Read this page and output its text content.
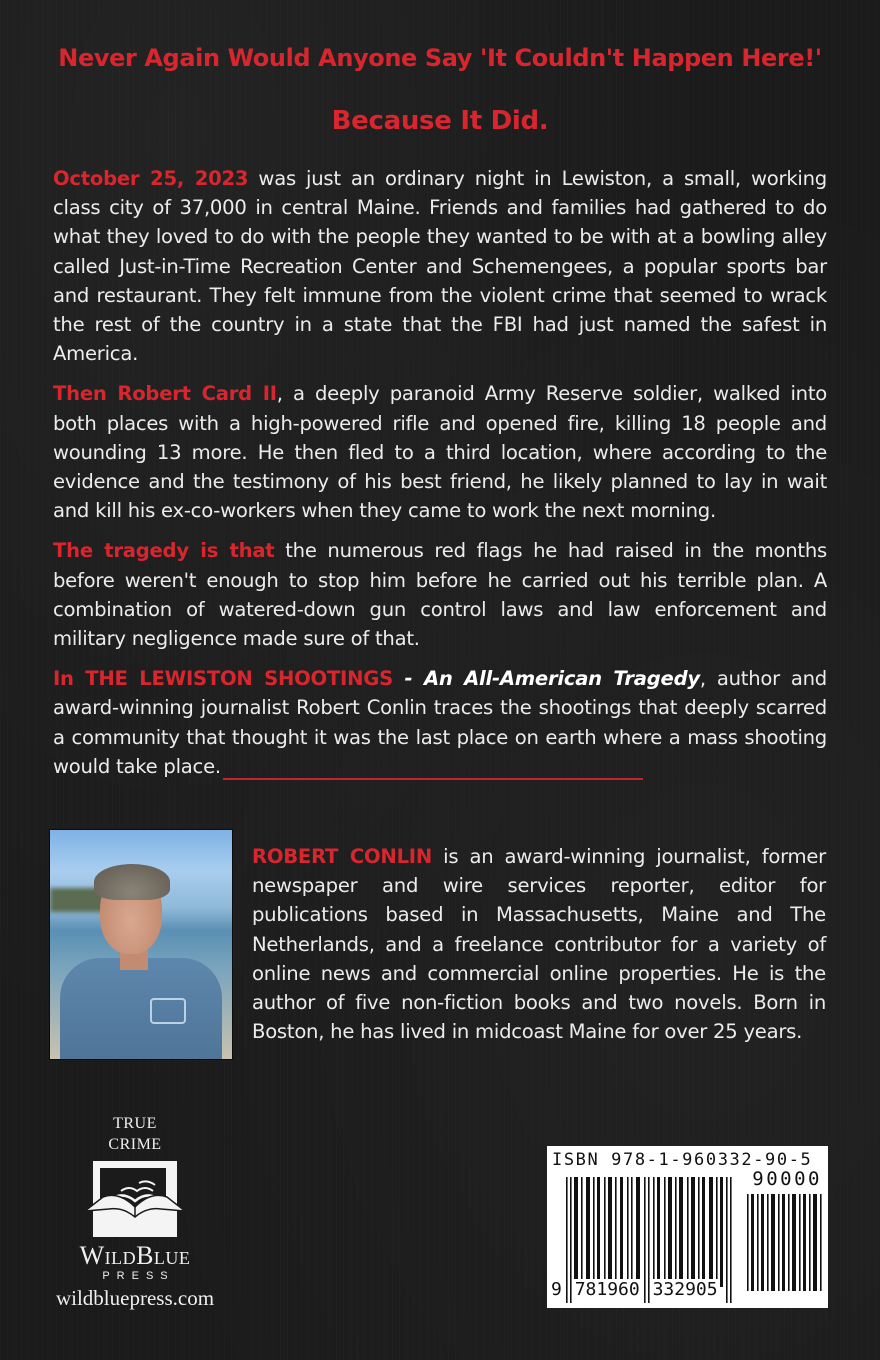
Never Again Would Anyone Say 'It Couldn't Happen Here!'
Because It Did.

October 25, 2023 was just an ordinary night in Lewiston, a small, working class city of 37,000 in central Maine. Friends and families had gathered to do what they loved to do with the people they wanted to be with at a bowling alley called Just-in-Time Recreation Center and Schemengees, a popular sports bar and restaurant. They felt immune from the violent crime that seemed to wrack the rest of the country in a state that the FBI had just named the safest in America.

Then Robert Card II, a deeply paranoid Army Reserve soldier, walked into both places with a high-powered rifle and opened fire, killing 18 people and wounding 13 more. He then fled to a third location, where according to the evidence and the testimony of his best friend, he likely planned to lay in wait and kill his ex-co-workers when they came to work the next morning.

The tragedy is that the numerous red flags he had raised in the months before weren't enough to stop him before he carried out his terrible plan. A combination of watered-down gun control laws and law enforcement and military negligence made sure of that.

In THE LEWISTON SHOOTINGS - An All-American Tragedy, author and award-winning journalist Robert Conlin traces the shootings that deeply scarred a community that thought it was the last place on earth where a mass shooting would take place.

ROBERT CONLIN is an award-winning journalist, former newspaper and wire services reporter, editor for publications based in Massachusetts, Maine and The Netherlands, and a freelance contributor for a variety of online news and commercial online properties. He is the author of five non-fiction books and two novels. Born in Boston, he has lived in midcoast Maine for over 25 years.

TRUE
CRIME
WildBlue
PRESS
wildbluepress.com
ISBN 978-1-960332-90-5
90000
9 781960 332905
